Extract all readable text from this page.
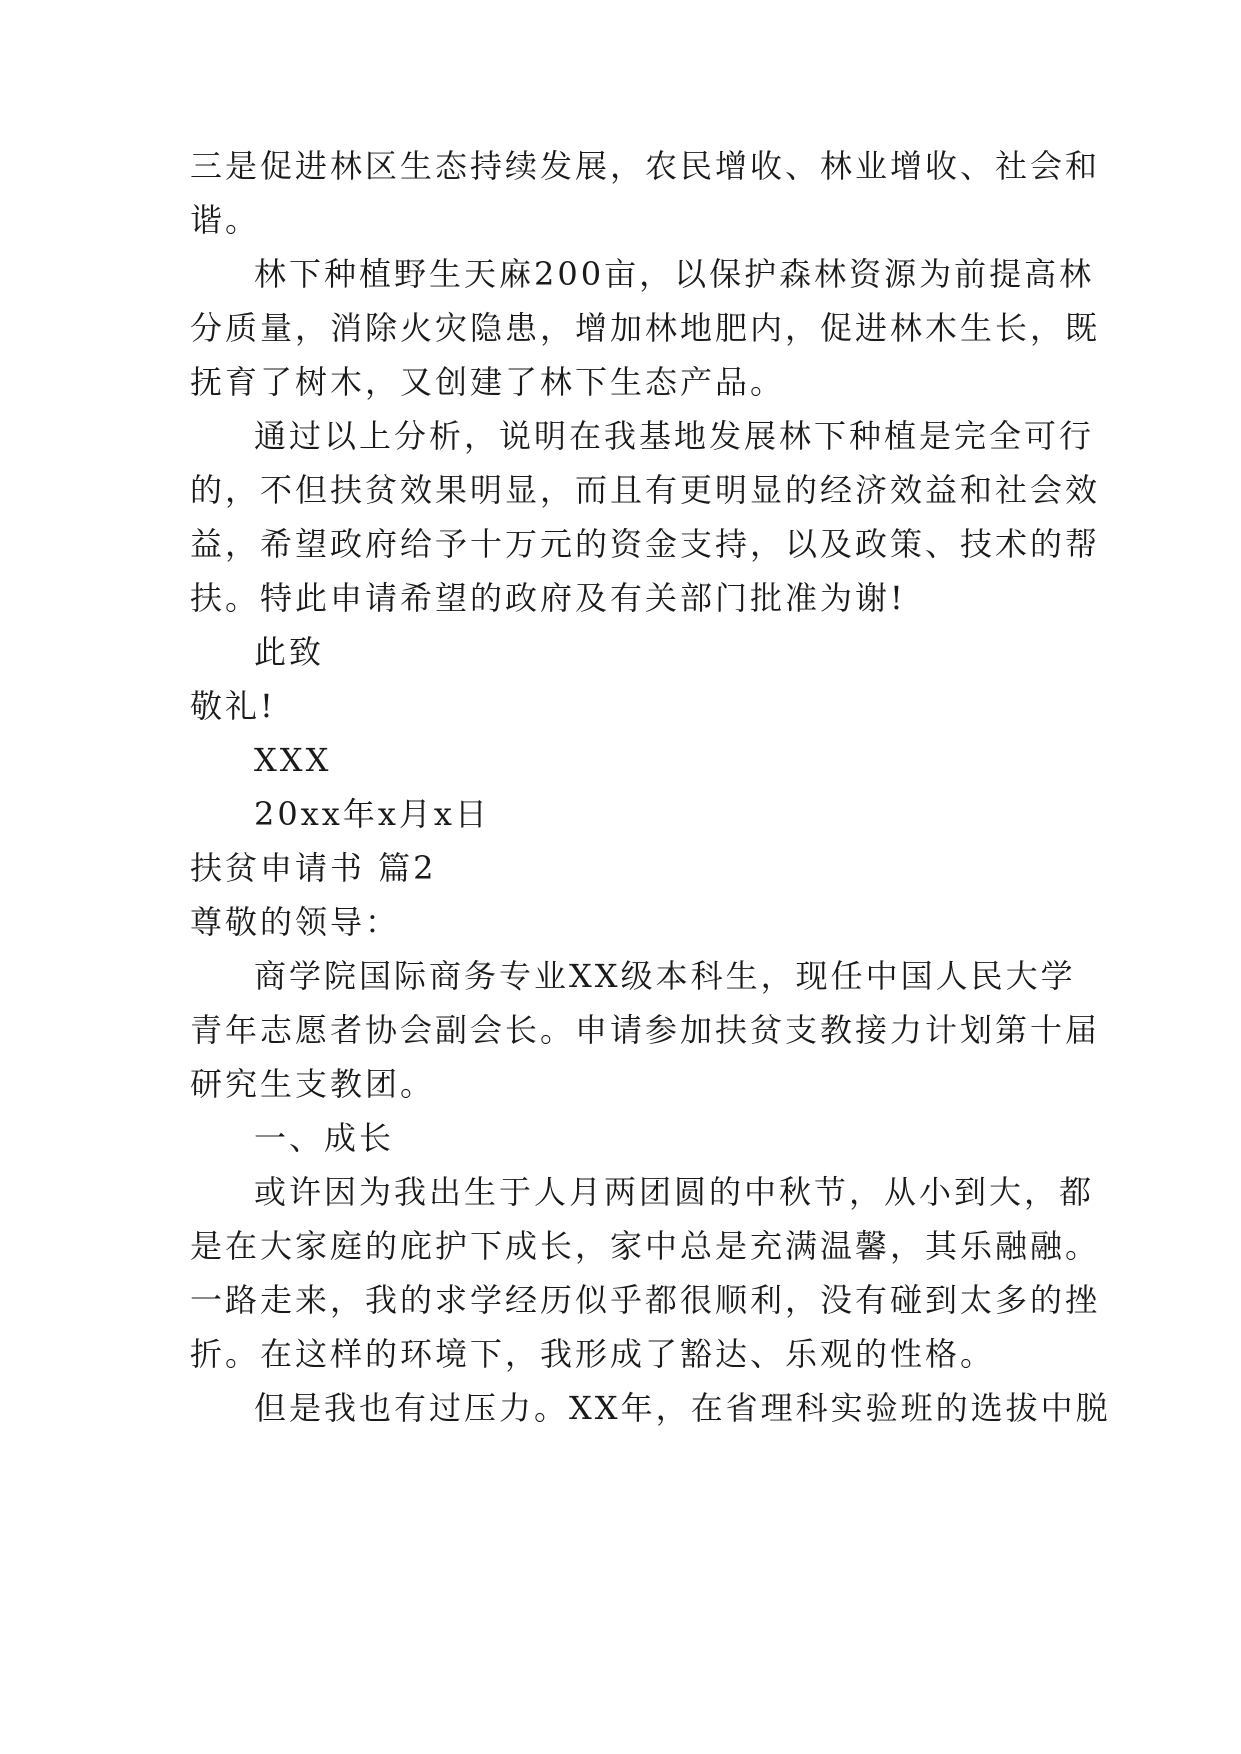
三是促进林区生态持续发展，农民增收、林业增收、社会和

谐。

林下种植野生天麻200亩，以保护森林资源为前提高林

分质量，消除火灾隐患，增加林地肥内，促进林木生长，既

抚育了树木，又创建了林下生态产品。

通过以上分析，说明在我基地发展林下种植是完全可行

的，不但扶贫效果明显，而且有更明显的经济效益和社会效

益，希望政府给予十万元的资金支持，以及政策、技术的帮

扶。特此申请希望的政府及有关部门批准为谢!

此致

敬礼!

XXX

20xx年x月x日

扶贫申请书 篇2

尊敬的领导：

商学院国际商务专业XX级本科生，现任中国人民大学

青年志愿者协会副会长。申请参加扶贫支教接力计划第十届

研究生支教团。

一、成长

或许因为我出生于人月两团圆的中秋节，从小到大，都

是在大家庭的庇护下成长，家中总是充满温馨，其乐融融。

一路走来，我的求学经历似乎都很顺利，没有碰到太多的挫

折。在这样的环境下，我形成了豁达、乐观的性格。

但是我也有过压力。XX年，在省理科实验班的选拔中脱
